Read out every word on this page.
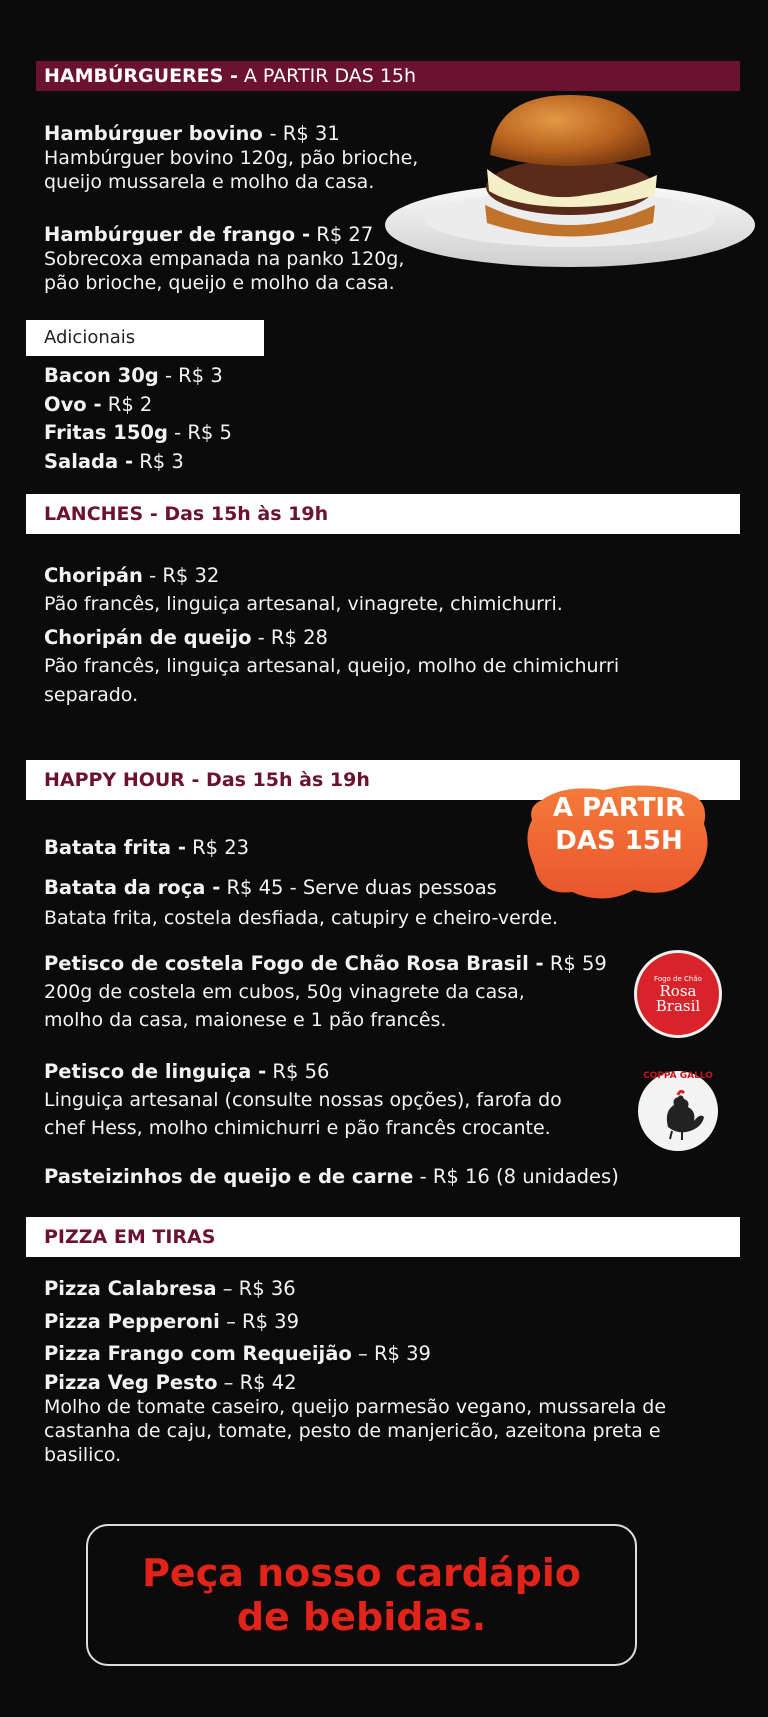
HAMBÚRGUERES - A PARTIR DAS 15h
Hambúrguer bovino - R$ 31
Hambúrguer bovino 120g, pão brioche,
queijo mussarela e molho da casa.
Hambúrguer de frango - R$ 27
Sobrecoxa empanada na panko 120g,
pão brioche, queijo e molho da casa.
Adicionais
Bacon 30g - R$ 3
Ovo - R$ 2
Fritas 150g - R$ 5
Salada - R$ 3
LANCHES - Das 15h às 19h
Choripán - R$ 32
Pão francês, linguiça artesanal, vinagrete, chimichurri.
Choripán de queijo - R$ 28
Pão francês, linguiça artesanal, queijo, molho de chimichurri
separado.
HAPPY HOUR - Das 15h às 19h
A PARTIR
DAS 15H
Batata frita - R$ 23
Batata da roça - R$ 45 - Serve duas pessoas
Batata frita, costela desfiada, catupiry e cheiro-verde.
Petisco de costela Fogo de Chão Rosa Brasil - R$ 59
200g de costela em cubos, 50g vinagrete da casa,
molho da casa, maionese e 1 pão francês.
Fogo de Chão
Rosa
Brasil
Petisco de linguiça - R$ 56
Linguiça artesanal (consulte nossas opções), farofa do
chef Hess, molho chimichurri e pão francês crocante.
COPPA GALLO
Pasteizinhos de queijo e de carne - R$ 16 (8 unidades)
PIZZA EM TIRAS
Pizza Calabresa – R$ 36
Pizza Pepperoni – R$ 39
Pizza Frango com Requeijão – R$ 39
Pizza Veg Pesto – R$ 42
Molho de tomate caseiro, queijo parmesão vegano, mussarela de
castanha de caju, tomate, pesto de manjericão, azeitona preta e
basilico.
Peça nosso cardápio
de bebidas.
